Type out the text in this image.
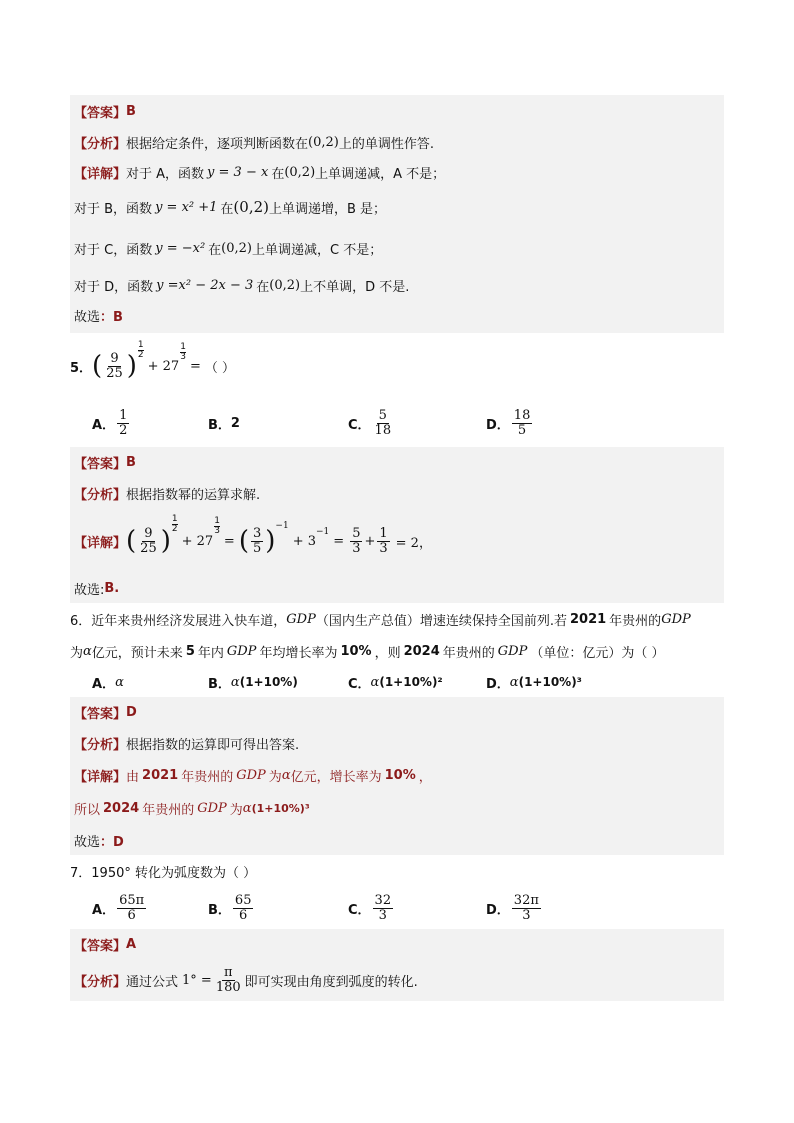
【答案】 B
【分析】 根据给定条件，逐项判断函数在 (0,2) 上的单调性作答.
【详解】 对于 A，函数 y = 3 − x 在 (0,2) 上单调递减，A 不是；
对于 B，函数 y = x² +1 在 (0,2) 上单调递增，B 是；
对于 C，函数 y = −x² 在 (0,2) 上单调递减，C 不是；
对于 D，函数 y =x² − 2x − 3 在 (0,2) 上不单调，D 不是.
故选 ：B
5． ( $\frac{9}{25}$ )
$\frac{1}{2}$
+ 27
$\frac{1}{3}$
= （ ）
A． $\frac{1}{2}$	B． 2	C． $\frac{5}{18}$	D． $\frac{18}{5}$
【答案】 B
【分析】 根据指数幂的运算求解.
【详解】 ( $\frac{9}{25}$ )
$\frac{1}{2}$
+ 27
$\frac{1}{3}$
= ( $\frac{3}{5}$ ) −1
+ 3
−1
= $\frac{5}{3} + \frac{1}{3} = 2$，
故选: B.
6．近年来贵州经济发展进入快车道， GDP （国内生产总值）增速连续保持全国前列.若 2021 年贵州的 GDP
为 α 亿元，预计未来 5 年内 GDP 年均增长率为 10% ，则 2024 年贵州的 GDP （单位：亿元）为（ ）
A． α	B． α (1+10%)	C． α (1+10%)²	D． α (1+10%)³
【答案】 D
【分析】 根据指数的运算即可得出答案.
【详解】 由 2021 年贵州的 GDP 为 α 亿元，增长率为 10% ，
所以 2024 年贵州的 GDP 为 α (1+10%)³
故选 ：D
7．1950° 转化为弧度数为（ ）
A． $\frac{65\pi}{6}$	B． $\frac{65}{6}$	C． $\frac{32}{3}$	D． $\frac{32\pi}{3}$
【答案】 A
【分析】 通过公式 $1^\circ = \frac{\pi}{180}$ 即可实现由角度到弧度的转化.
